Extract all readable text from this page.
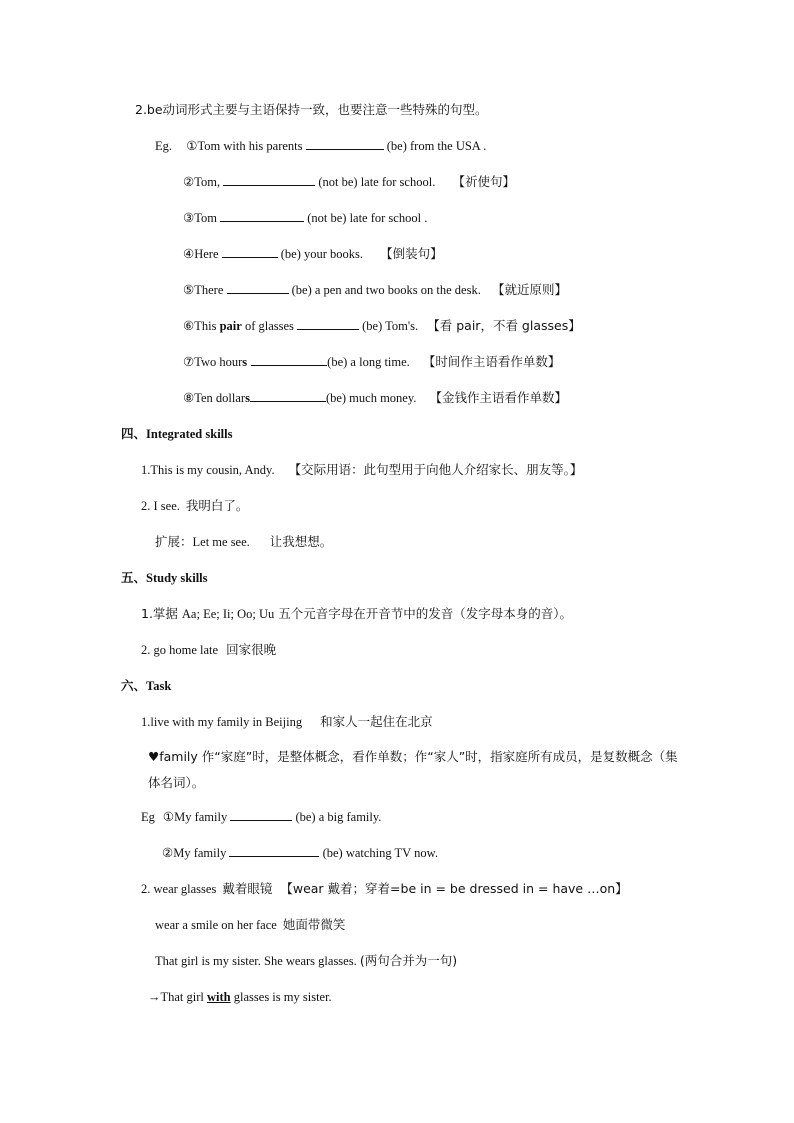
2.be动词形式主要与主语保持一致，也要注意一些特殊的句型。
Eg. ①Tom with his parents	(be) from the USA .
②Tom,	(not be) late for school. 【祈使句】
③Tom	(not be) late for school .
④Here	(be) your books. 【倒装句】
⑤There	(be) a pen and two books on the desk. 【就近原则】
⑥This pair of glasses	(be) Tom's. 【看 pair，不看 glasses】
⑦Two hours	(be) a long time. 【时间作主语看作单数】
⑧Ten dollars	(be) much money. 【金钱作主语看作单数】
四、Integrated skills
1.This is my cousin, Andy. 【交际用语：此句型用于向他人介绍家长、朋友等。】
2. I see. 我明白了。
扩展：Let me see. 让我想想。
五、Study skills
1.掌据 Aa; Ee; Ii; Oo; Uu 五个元音字母在开音节中的发音（发字母本身的音）。
2. go home late 回家很晚
六、Task
1.live with my family in Beijing 和家人一起住在北京
♥family 作“家庭”时，是整体概念，看作单数；作“家人”时，指家庭所有成员，是复数概念（集体名词）。
Eg ①My family	(be) a big family.
②My family	(be) watching TV now.
2. wear glasses 戴着眼镜 【wear 戴着；穿着=be in = be dressed in = have …on】
wear a smile on her face 她面带微笑
That girl is my sister. She wears glasses. (两句合并为一句)
→That girl with glasses is my sister.
